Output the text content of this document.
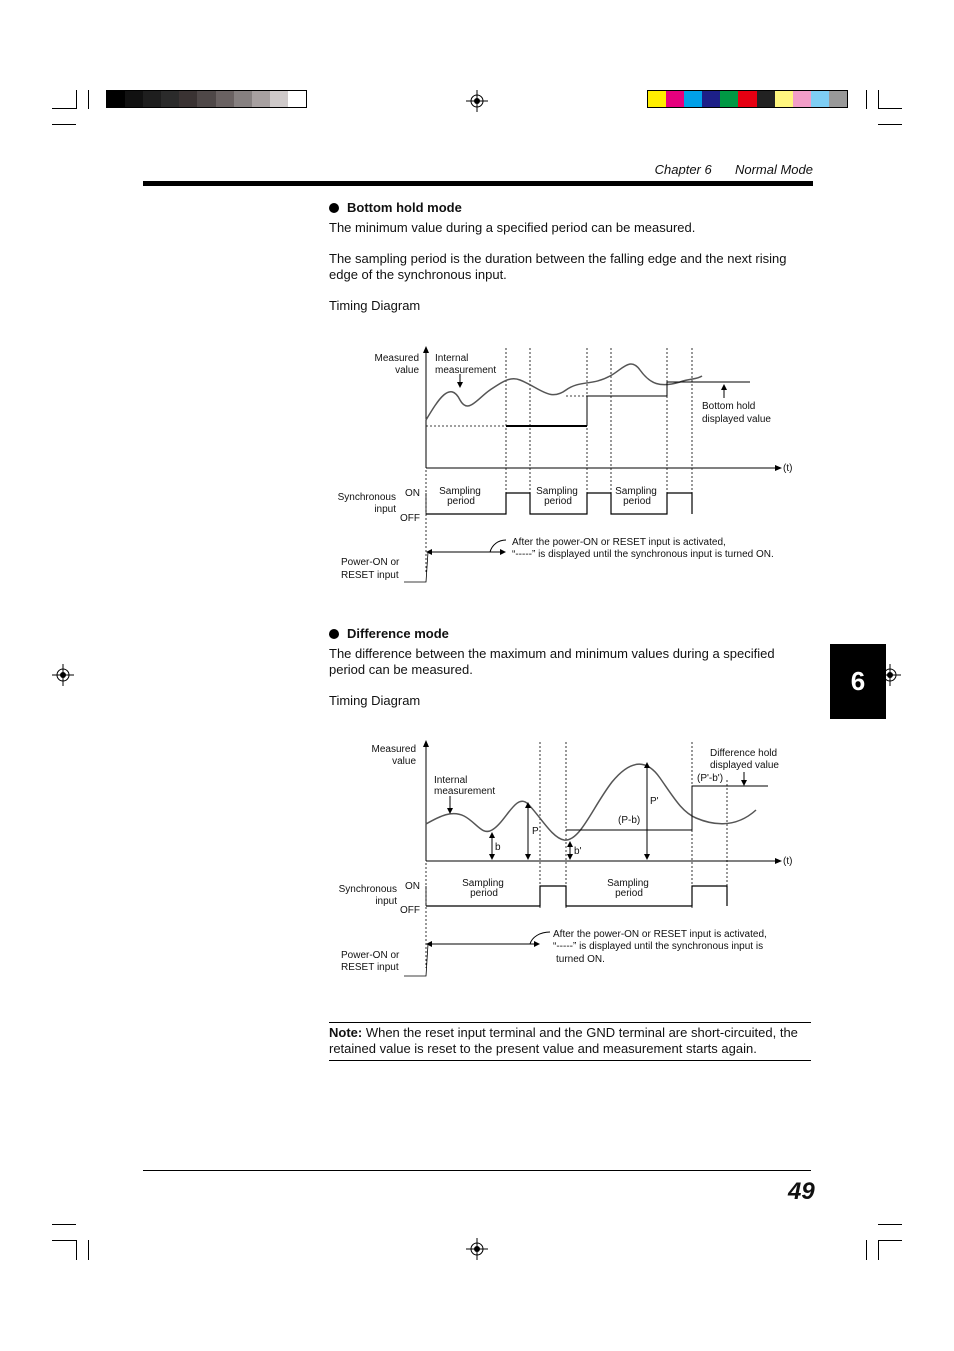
Chapter 6 Normal Mode
Bottom hold mode
The minimum value during a specified period can be measured.
The sampling period is the duration between the falling edge and the next rising edge of the synchronous input.
Timing Diagram
Measured
value
Internal
measurement
Bottom hold
displayed value
(t)
Synchronous
input
ON
OFF
Sampling
period
Sampling
period
Sampling
period
After the power-ON or RESET input is activated,
“-----” is displayed until the synchronous input is turned ON.
Power-ON or
RESET input
Difference mode
The difference between the maximum and minimum values during a specified period can be measured.
Timing Diagram
Measured
value
Internal
measurement
Difference hold
displayed value
(P'-b')
P'
(P-b)
P
b	b'
(t)
Synchronous
input
ON
OFF
Sampling
period
Sampling
period
After the power-ON or RESET input is activated,
“-----” is displayed until the synchronous input is
turned ON.
Power-ON or
RESET input
Note: When the reset input terminal and the GND terminal are short-circuited, the retained value is reset to the present value and measurement starts again.
6
49
